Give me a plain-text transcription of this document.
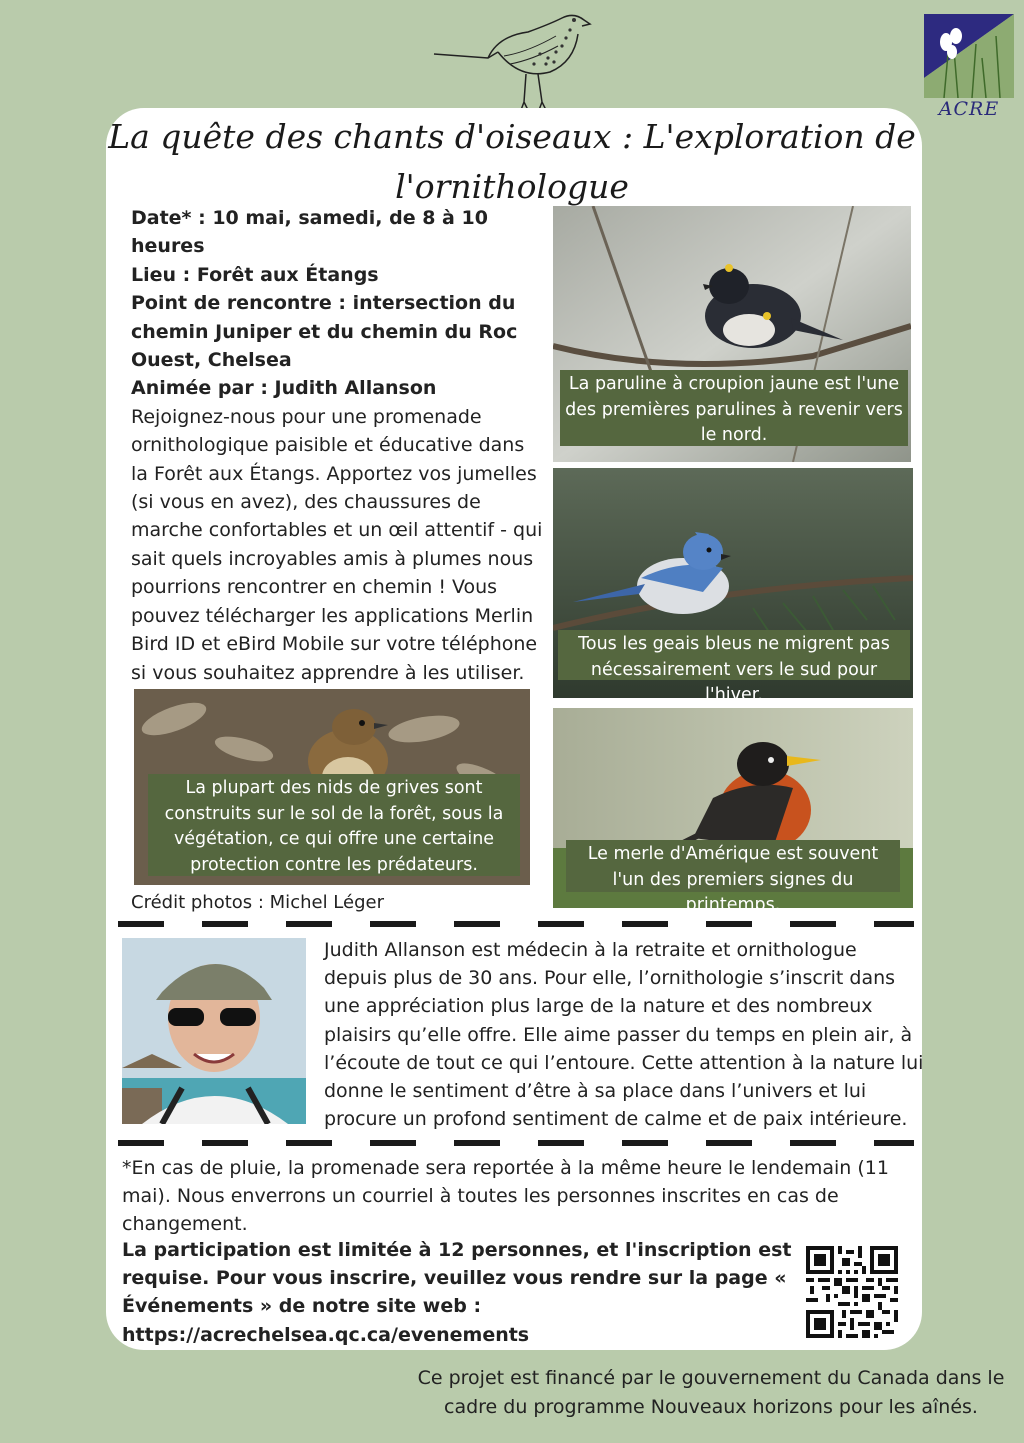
ACRE
La quête des chants d'oiseaux : L'exploration de l'ornithologue
Date* : 10 mai, samedi, de 8 à 10 heures
Lieu : Forêt aux Étangs
Point de rencontre : intersection du chemin Juniper et du chemin du Roc Ouest, Chelsea
Animée par : Judith Allanson
Rejoignez-nous pour une promenade ornithologique paisible et éducative dans la Forêt aux Étangs. Apportez vos jumelles (si vous en avez), des chaussures de marche confortables et un œil attentif - qui sait quels incroyables amis à plumes nous pourrions rencontrer en chemin ! Vous pouvez télécharger les applications Merlin Bird ID et eBird Mobile sur votre téléphone si vous souhaitez apprendre à les utiliser.
La paruline à croupion jaune est l'une des premières parulines à revenir vers le nord.
Tous les geais bleus ne migrent pas nécessairement vers le sud pour l'hiver.
Le merle d'Amérique est souvent l'un des premiers signes du printemps.
La plupart des nids de grives sont construits sur le sol de la forêt, sous la végétation, ce qui offre une certaine protection contre les prédateurs.
Crédit photos : Michel Léger
Judith Allanson est médecin à la retraite et ornithologue depuis plus de 30 ans. Pour elle, l’ornithologie s’inscrit dans une appréciation plus large de la nature et des nombreux plaisirs qu’elle offre. Elle aime passer du temps en plein air, à l’écoute de tout ce qui l’entoure. Cette attention à la nature lui donne le sentiment d’être à sa place dans l’univers et lui procure un profond sentiment de calme et de paix intérieure.
*En cas de pluie, la promenade sera reportée à la même heure le lendemain (11 mai). Nous enverrons un courriel à toutes les personnes inscrites en cas de changement.
La participation est limitée à 12 personnes, et l'inscription est requise. Pour vous inscrire, veuillez vous rendre sur la page « Événements » de notre site web :
https://acrechelsea.qc.ca/evenements
Ce projet est financé par le gouvernement du Canada dans le cadre du programme Nouveaux horizons pour les aînés.
